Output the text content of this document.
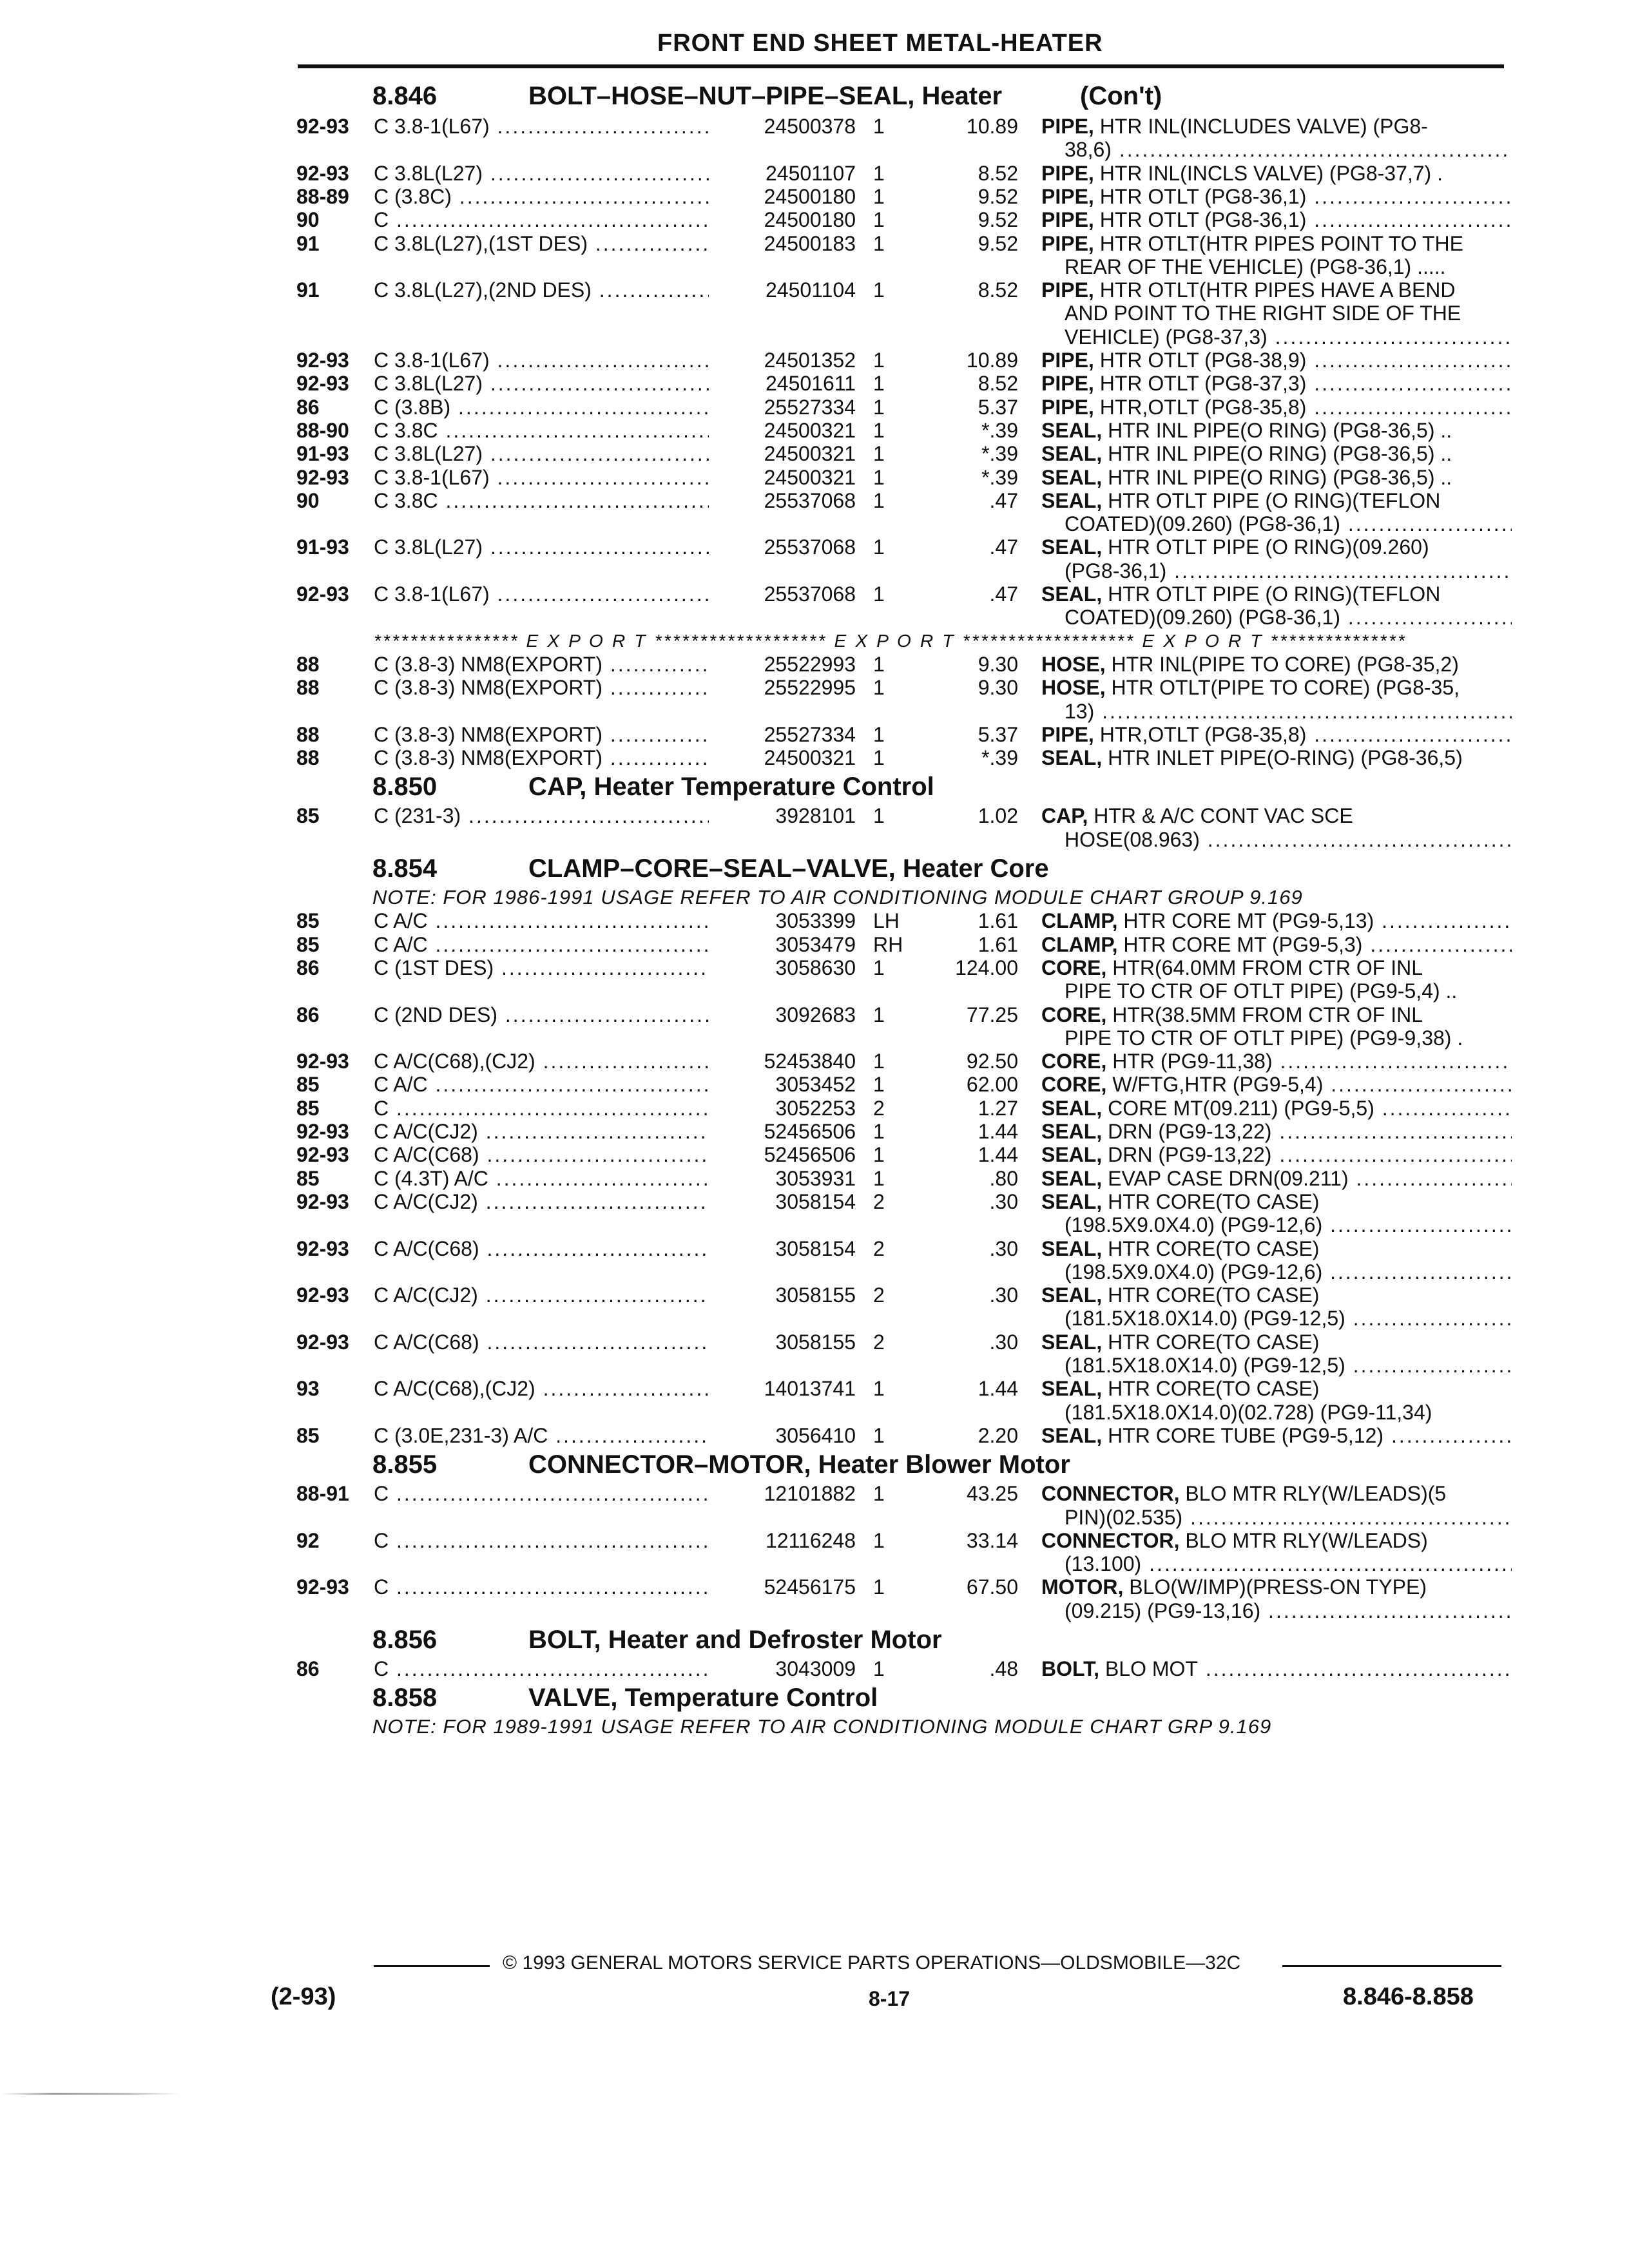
FRONT END SHEET METAL-HEATER
8.846	BOLT–HOSE–NUT–PIPE–SEAL, Heater	(Con't)
92-93 C 3.8-1(L67) .....	24500378 1	10.89 PIPE, HTR INL(INCLUDES VALVE) (PG8-
38,6) .....
92-93 C 3.8L(L27) .....	24501107 1	8.52 PIPE, HTR INL(INCLS VALVE) (PG8-37,7) .
88-89 C (3.8C) .....	24500180 1	9.52 PIPE, HTR OTLT (PG8-36,1) .....
90	C .....	24500180 1	9.52 PIPE, HTR OTLT (PG8-36,1) .....
91	C 3.8L(L27),(1ST DES) .....	24500183 1	9.52 PIPE, HTR OTLT(HTR PIPES POINT TO THE
REAR OF THE VEHICLE) (PG8-36,1) .....
91	C 3.8L(L27),(2ND DES) .....	24501104 1	8.52 PIPE, HTR OTLT(HTR PIPES HAVE A BEND
AND POINT TO THE RIGHT SIDE OF THE
VEHICLE) (PG8-37,3) .....
92-93 C 3.8-1(L67) .....	24501352 1	10.89 PIPE, HTR OTLT (PG8-38,9) .....
92-93 C 3.8L(L27) .....	24501611 1	8.52 PIPE, HTR OTLT (PG8-37,3) .....
86	C (3.8B) .....	25527334 1	5.37 PIPE, HTR,OTLT (PG8-35,8) .....
88-90 C 3.8C .....	24500321 1	*.39 SEAL, HTR INL PIPE(O RING) (PG8-36,5) ..
91-93 C 3.8L(L27) .....	24500321 1	*.39 SEAL, HTR INL PIPE(O RING) (PG8-36,5) ..
92-93 C 3.8-1(L67) .....	24500321 1	*.39 SEAL, HTR INL PIPE(O RING) (PG8-36,5) ..
90	C 3.8C .....	25537068 1	.47 SEAL, HTR OTLT PIPE (O RING)(TEFLON
COATED)(09.260) (PG8-36,1) .....
91-93 C 3.8L(L27) .....	25537068 1	.47 SEAL, HTR OTLT PIPE (O RING)(09.260)
(PG8-36,1) .....
92-93 C 3.8-1(L67) .....	25537068 1	.47 SEAL, HTR OTLT PIPE (O RING)(TEFLON
COATED)(09.260) (PG8-36,1) .....
**************** E X P O R T ******************* E X P O R T ******************* E X P O R T ***************
88	C (3.8-3) NM8(EXPORT) .....	25522993 1	9.30 HOSE, HTR INL(PIPE TO CORE) (PG8-35,2)
88	C (3.8-3) NM8(EXPORT) .....	25522995 1	9.30 HOSE, HTR OTLT(PIPE TO CORE) (PG8-35,
13) .....
88	C (3.8-3) NM8(EXPORT) .....	25527334 1	5.37 PIPE, HTR,OTLT (PG8-35,8) .....
88	C (3.8-3) NM8(EXPORT) .....	24500321 1	*.39 SEAL, HTR INLET PIPE(O-RING) (PG8-36,5)
8.850	CAP, Heater Temperature Control
85	C (231-3) .....	3928101 1	1.02 CAP, HTR & A/C CONT VAC SCE
HOSE(08.963) .....
8.854	CLAMP–CORE–SEAL–VALVE, Heater Core
NOTE: FOR 1986-1991 USAGE REFER TO AIR CONDITIONING MODULE CHART GROUP 9.169
85	C A/C .....	3053399 LH	1.61 CLAMP, HTR CORE MT (PG9-5,13) .....
85	C A/C .....	3053479 RH	1.61 CLAMP, HTR CORE MT (PG9-5,3) .....
86	C (1ST DES) .....	3058630 1	124.00 CORE, HTR(64.0MM FROM CTR OF INL
PIPE TO CTR OF OTLT PIPE) (PG9-5,4) ..
86	C (2ND DES) .....	3092683 1	77.25 CORE, HTR(38.5MM FROM CTR OF INL
PIPE TO CTR OF OTLT PIPE) (PG9-9,38) .
92-93 C A/C(C68),(CJ2) .....	52453840 1	92.50 CORE, HTR (PG9-11,38) .....
85	C A/C .....	3053452 1	62.00 CORE, W/FTG,HTR (PG9-5,4) .....
85	C .....	3052253 2	1.27 SEAL, CORE MT(09.211) (PG9-5,5) .....
92-93 C A/C(CJ2) .....	52456506 1	1.44 SEAL, DRN (PG9-13,22) .....
92-93 C A/C(C68) .....	52456506 1	1.44 SEAL, DRN (PG9-13,22) .....
85	C (4.3T) A/C .....	3053931 1	.80 SEAL, EVAP CASE DRN(09.211) .....
92-93 C A/C(CJ2) .....	3058154 2	.30 SEAL, HTR CORE(TO CASE)
(198.5X9.0X4.0) (PG9-12,6) .....
92-93 C A/C(C68) .....	3058154 2	.30 SEAL, HTR CORE(TO CASE)
(198.5X9.0X4.0) (PG9-12,6) .....
92-93 C A/C(CJ2) .....	3058155 2	.30 SEAL, HTR CORE(TO CASE)
(181.5X18.0X14.0) (PG9-12,5) .....
92-93 C A/C(C68) .....	3058155 2	.30 SEAL, HTR CORE(TO CASE)
(181.5X18.0X14.0) (PG9-12,5) .....
93	C A/C(C68),(CJ2) .....	14013741 1	1.44 SEAL, HTR CORE(TO CASE)
(181.5X18.0X14.0)(02.728) (PG9-11,34)
85	C (3.0E,231-3) A/C .....	3056410 1	2.20 SEAL, HTR CORE TUBE (PG9-5,12) .....
8.855	CONNECTOR–MOTOR, Heater Blower Motor
88-91 C .....	12101882 1	43.25 CONNECTOR, BLO MTR RLY(W/LEADS)(5
PIN)(02.535) .....
92	C .....	12116248 1	33.14 CONNECTOR, BLO MTR RLY(W/LEADS)
(13.100) .....
92-93 C .....	52456175 1	67.50 MOTOR, BLO(W/IMP)(PRESS-ON TYPE)
(09.215) (PG9-13,16) .....
8.856	BOLT, Heater and Defroster Motor
86	C .....	3043009 1	.48 BOLT, BLO MOT .....
8.858	VALVE, Temperature Control
NOTE: FOR 1989-1991 USAGE REFER TO AIR CONDITIONING MODULE CHART GRP 9.169
© 1993 GENERAL MOTORS SERVICE PARTS OPERATIONS—OLDSMOBILE—32C
(2-93)	8-17	8.846-8.858
